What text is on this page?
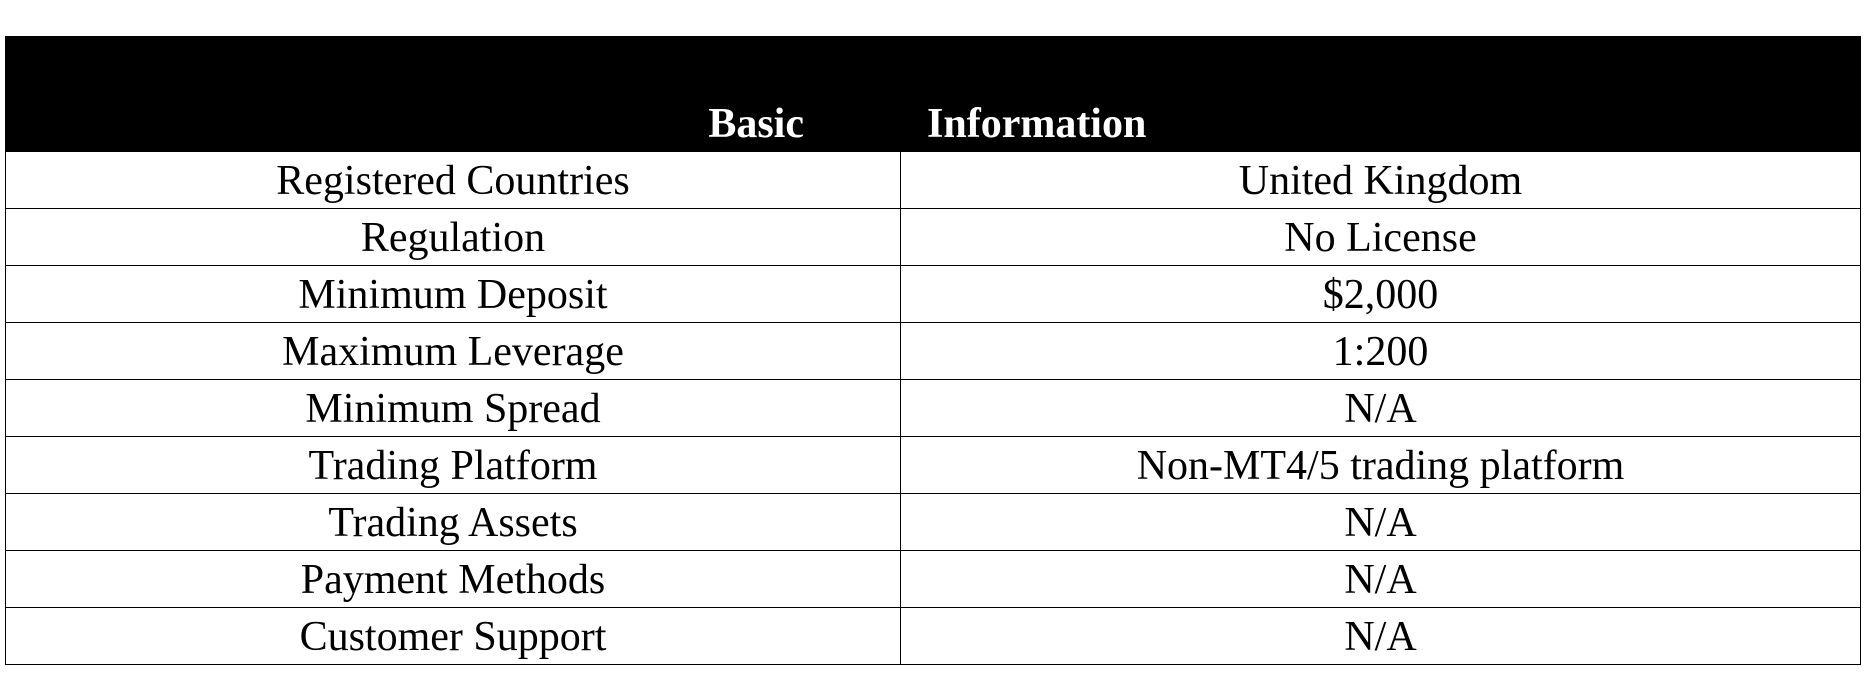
Basic	Information

Registered Countries	United Kingdom

Regulation	No License

Minimum Deposit	$2,000

Maximum Leverage	1:200

Minimum Spread	N/A

Trading Platform	Non-MT4/5 trading platform

Trading Assets	N/A

Payment Methods	N/A

Customer Support	N/A
